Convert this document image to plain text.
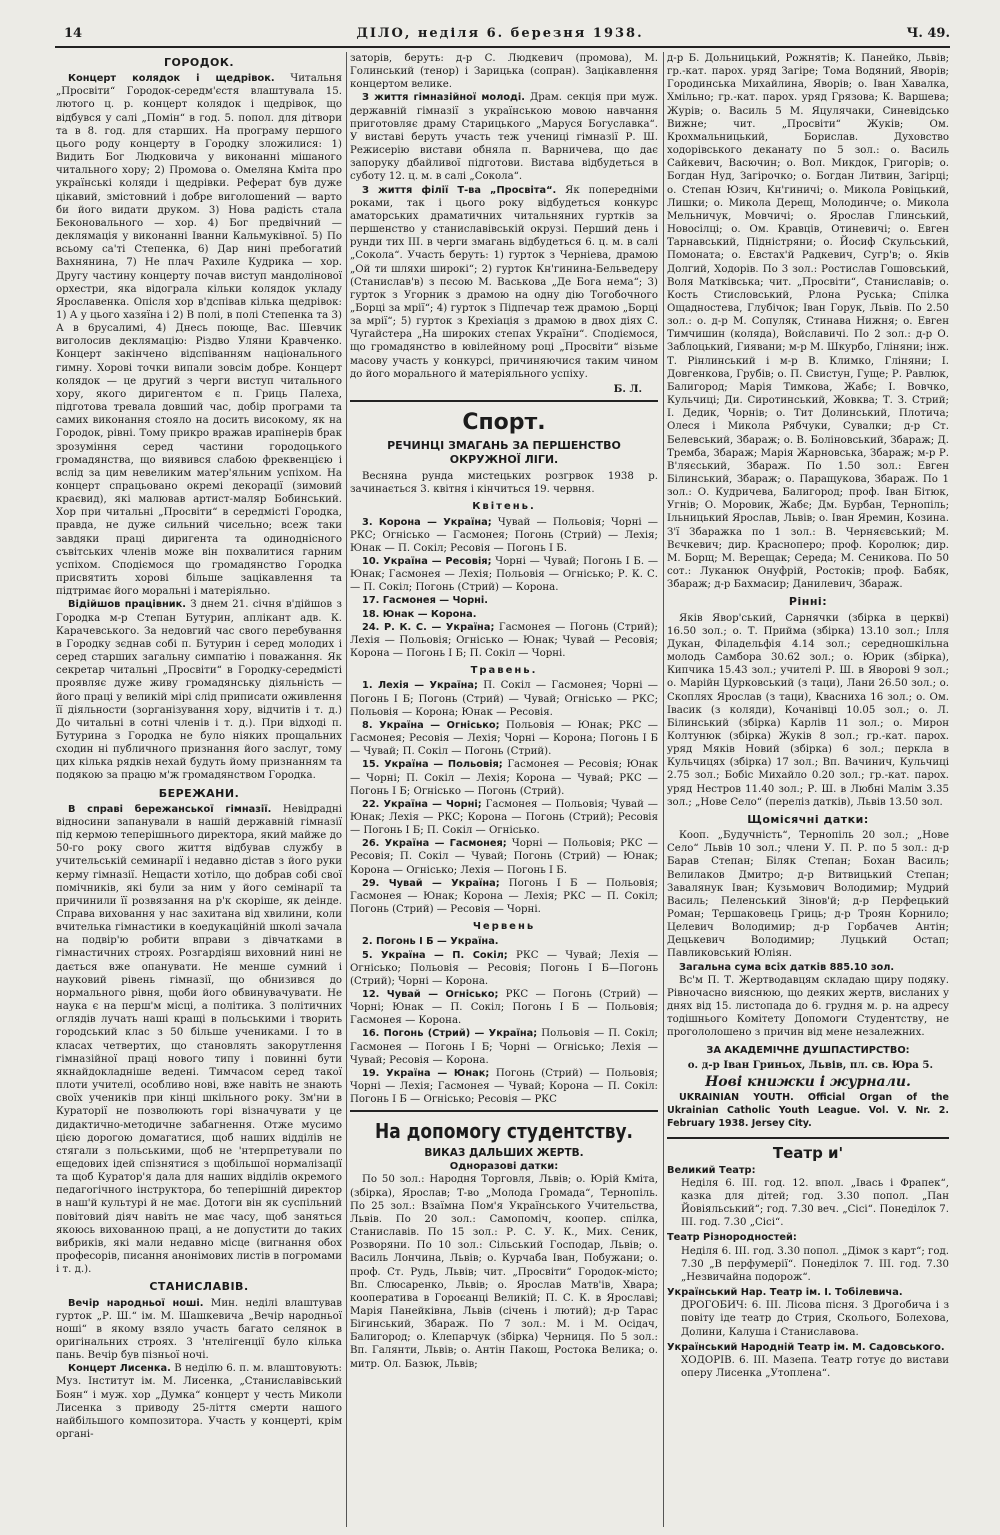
14	ДІЛО, неділя 6. березня 1938.	Ч. 49.
ГОРОДОК.

Концерт колядок і щедрівок. Читальня „Просвіти“ Городок-середм'єстя влаштувала 15. лютого ц. р. концерт колядок і щедрівок, що відбувся у салі „Помін“ в год. 5. попол. для дітвори та в 8. год. для старших. На програму першого цього роду концерту в Городку зложилися: 1) Видить Бог Людковича у виконанні мішаного читального хору; 2) Промова о. Омеляна Кміта про українські коляди і щедрівки. Реферат був дуже цікавий, змістовний і добре виголошений — варто би його видати друком. 3) Нова радість стала Беконовального — хор. 4) Бог предвічний — деклямація у виконанні Іванни Кальмуківної. 5) По всьому са'ті Степенка, 6) Дар нині пребогатий Вахнянина, 7) Не плач Рахиле Кудрика — хор. Другу частину концерту почав виступ мандолінової орхестри, яка відограла кільки колядок укладу Ярославенка. Опісля хор в'дспівав кілька щедрівок: 1) А у цього хазяїна і 2) В полі, в полі Степенка та 3) А в 6русалимі, 4) Днесь поюще, Вас. Шевчик виголосив деклямацію: Різдво Уляни Кравченко. Концерт закінчено відспіванням національного гимну. Хорові точки випали зовсім добре. Концерт колядок — це другий з черги виступ читального хору, якого диригентом є п. Гриць Палеха, підготова тревала довший час, добір програми та самих виконання стояло на досить високому, як на Городок, рівні. Тому прикро вражав ирапінерів брак зрозуміння серед частини городоцького громадянства, що виявився слабою фреквенцією і вслід за цим невеликим матер'яльним успіхом. На концерт спрацьовано окремі декорації (зимовий краєвид), які малював артист-маляр Бобинський. Хор при читальні „Просвіти“ в середмісті Городка, правда, не дуже сильний чисельно; всеж таки завдяки праці диригента та одиноднісного съвітських членів може він похвалитися гарним успіхом. Сподіємося що громадянство Городка присвятить хорові більше зацікавлення та підтримає його моральні і матеріяльно.

Відійшов працівник. З днем 21. січня в'дійшов з Городка м-р Степан Бутурин, аплікант адв. К. Карачевського. За недовгий час свого перебування в Городку зєднав собі п. Бутурин і серед молодих і серед старших загальну симпатію і поважання. Як секретар читальні „Просвіти“ в Городку-середмісті проявляє дуже живу громадянську діяльність — його праці у великій мірі слід приписати оживлення її діяльности (зорганізування хору, відчитів і т. д.) До читальні в сотні членів і т. д.). При відході п. Бутурина з Городка не було ніяких прощальних сходин ні публичного признання його заслуг, тому цих кілька рядків нехай будуть йому признанням та подякою за працю м'ж громадянством Городка.

БЕРЕЖАНИ.

В справі бережанської гімназії. Невідрадні відносини запанували в нашій державній гімназії під кермою теперішнього директора, який майже до 50-го року свого життя відбував службу в учительській семинарії і недавно дістав з його руки керму гімназії. Нещасти хотіло, що добрав собі свої помічників, які були за ним у його семінарії та причинили її розвязання на р'к скоріше, як деінде. Справа виховання у нас захитана від хвилини, коли вчителька гімнастики в коедукаційній школі зачала на подвір'ю робити вправи з дівчатками в гімнастичних строях. Розгардіяш виховний нині не дається вже опанувати. Не менше сумний і науковий рівень гімназії, що обнизився до нормального рівня, щоби його обвинувачувати. Не наука є на перш'м місці, а політика. З політичних оглядів лучать наші кращі в польськими і творить городський клас з 50 більше учениками. І то в класах четвертих, що становлять закорутлення гімназійної праці нового типу і повинні бути якнайдокладніше ведені. Тимчасом серед такої плоти учителі, особливо нові, вже навіть не знають своїх учеників при кінці шкільного року. Зм'ни в Кураторії не позволюють горі візначувати у це дидактично-методичне забагнення. Отже мусимо цією дорогою домагатися, щоб наших відділів не стягали з польськими, щоб не 'нтерпретували по ещедових ідей спізнятися з щобільшої нормалізації та щоб Куратор'я дала для наших відділів окремого педагогічного інструктора, бо теперішній директор в наш'й культурі й не має. Дотоги він як суспільний повітовий діяч навіть не має часу, щоб заняться якоюсь вихованною праці, а не допустити до таких вибриків, які мали недавно місце (вигнання обох професорів, писання анонімових листів в погромами і т. д.).

СТАНИСЛАВІВ.

Вечір народньої ноші. Мин. неділі влаштував гурток „Р. Ш.“ ім. М. Шашкевича „Вечір народньої ноші“ в якому взяло участь багато селянок в оригінальних строях. З 'нтелігенції було кілька пань. Вечір був пізньої ночі.

Концерт Лисенка. В неділю 6. п. м. влаштовують: Муз. Інститут ім. М. Лисенка, „Станиславівський Боян“ і муж. хор „Думка“ концерт у честь Миколи Лисенка з приводу 25-ліття смерти нашого найбільшого композитора. Участь у концерті, крім органі-

заторів, беруть: д-р С. Людкевич (промова), М. Голинський (тенор) і Зарицька (сопран). Зацікавлення концертом велике.

З життя гімназійної молоді. Драм. секція при муж. державній гімназії з українською мовою навчання приготовляє драму Старицького „Маруся Богуславка“. У виставі беруть участь теж учениці гімназії Р. Ш. Режисерію вистави обняла п. Варничева, що дає запоруку дбайливої підготови. Вистава відбудеться в суботу 12. ц. м. в салі „Сокола“.

З життя філії Т-ва „Просвіта“. Як попередніми роками, так і цього року відбудеться конкурс аматорських драматичних читальняних гуртків за першенство у станиславівській окрузі. Перший день і рунди тих ІІІ. в черги змагань відбудеться 6. ц. м. в салі „Сокола“. Участь беруть: 1) гурток з Черніева, драмою „Ой ти шляхи широкі“; 2) гурток Кн'гинина-Бельведеру (Станислав'в) з пєсою М. Васькова „Де Бога нема“; 3) гурток з Угорник з драмою на одну дію Тогобочного „Борці за мрії“; 4) гурток з Підпечар теж драмою „Борці за мрії“; 5) гурток з Крехіація з драмою в двох діях С. Чугайстера „На широких степах України“. Сподіємося, що громадянство в ювілейному році „Просвіти“ візьме масову участь у конкурсі, причиняючися таким чином до його морального й матеріяльного успіху.

Б. Л.
Спорт.
РЕЧИНЦІ ЗМАГАНЬ ЗА ПЕРШЕНСТВО ОКРУЖНОЇ ЛІГИ.

Весняна рунда мистецьких розгрвок 1938 р. зачинається 3. квітня і кінчиться 19. червня.

Квітень.

3. Корона — Україна; Чувай — Польовія; Чорні — РКС; Огнісько — Гасмонея; Погонь (Стрий) — Лехія; Юнак — П. Сокіл; Ресовія — Погонь І Б.

10. Україна — Ресовія; Чорні — Чувай; Погонь І Б. — Юнак; Гасмонея — Лехія; Польовія — Огнісько; Р. К. С. — П. Сокіл; Погонь (Стрий) — Корона.

17. Гасмонея — Чорні.

18. Юнак — Корона.

24. Р. К. С. — Україна; Гасмонея — Погонь (Стрий); Лехія — Польовія; Огнісько — Юнак; Чувай — Ресовія; Корона — Погонь І Б; П. Сокіл — Чорні.

Травень.

1. Лехія — Україна; П. Сокіл — Гасмонея; Чорні — Погонь І Б; Погонь (Стрий) — Чувай; Огнісько — РКС; Польовія — Корона; Юнак — Ресовія.

8. Україна — Огнісько; Польовія — Юнак; РКС — Гасмонея; Ресовія — Лехія; Чорні — Корона; Погонь І Б — Чувай; П. Сокіл — Погонь (Стрий).

15. Україна — Польовія; Гасмонея — Ресовія; Юнак — Чорні; П. Сокіл — Лехія; Корона — Чувай; РКС — Погонь І Б; Огнісько — Погонь (Стрий).

22. Україна — Чорні; Гасмонея — Польовія; Чувай — Юнак; Лехія — РКС; Корона — Погонь (Стрий); Ресовія — Погонь І Б; П. Сокіл — Огнісько.

26. Україна — Гасмонея; Чорні — Польовія; РКС — Ресовія; П. Сокіл — Чувай; Погонь (Стрий) — Юнак; Корона — Огнісько; Лехія — Погонь І Б.

29. Чувай — Україна; Погонь І Б — Польовія; Гасмонея — Юнак; Корона — Лехія; РКС — П. Сокіл; Погонь (Стрий) — Ресовія — Чорні.

Червень

2. Погонь І Б — Україна.

5. Україна — П. Сокіл; РКС — Чувай; Лехія — Огнісько; Польовія — Ресовія; Погонь І Б—Погонь (Стрий); Чорні — Корона.

12. Чувай — Огнісько; РКС — Погонь (Стрий) — Чорні; Юнак — П. Сокіл; Погонь І Б — Польовія; Гасмонея — Корона.

16. Погонь (Стрий) — Україна; Польовія — П. Сокіл; Гасмонея — Погонь І Б; Чорні — Огнісько; Лехія — Чувай; Ресовія — Корона.

19. Україна — Юнак; Погонь (Стрий) — Польовія; Чорні — Лехія; Гасмонея — Чувай; Корона — П. Сокіл: Погонь І Б — Огнісько; Ресовія — РКС

На допомогу студентству.
ВИКАЗ ДАЛЬШИХ ЖЕРТВ.
Одноразові датки:

По 50 зол.: Народня Торговля, Львів; о. Юрій Кміта, (збірка), Ярослав; Т-во „Молода Громада“, Тернопіль. По 25 зол.: Взаїмна Пом'я Українського Учительства, Львів. По 20 зол.: Самопоміч, коопер. спілка, Станиславів. По 15 зол.: Р. С. У. К., Мих. Сеник, Розворяни. По 10 зол.: Сільський Господар, Львів; о. Василь Лончина, Львів; о. Курчаба Іван, Побужани; о. проф. Ст. Рудь, Львів; чит. „Просвіти“ Городок-місто; Вп. Слюсаренко, Львів; о. Ярослав Матв'ів, Хвара; кооператива в Гороєанці Великій; П. С. К. в Ярославі; Марія Панейківна, Львів (січень і лютий); д-р Тарас Бігинський, Збараж. По 7 зол.: М. і М. Осідач, Балигород; о. Клепарчук (збірка) Черниця. По 5 зол.: Вп. Галянти, Львів; о. Антін Пакош, Ростока Велика; о. митр. Ол. Базюк, Львів;

д-р Б. Дольницький, Рожнятів; К. Панейко, Львів; гр.-кат. парох. уряд Загіре; Тома Водяний, Яворів; Городинська Михайлина, Яворів; о. Іван Хавалка, Хмільно; гр.-кат. парох. уряд Грязова; К. Варшева; Журів; о. Василь 5 М. Яцулячаки, Синевідсько Вижне; чит. „Просвіти“ Жуків; Ом. Крохмальницький, Борислав. Духовство ходорівського деканату по 5 зол.: о. Василь Сайкевич, Васючин; о. Вол. Микдок, Григорів; о. Богдан Нуд, Загірочко; о. Богдан Литвин, Загірці; о. Степан Юзич, Кн'гиничі; о. Микола Ровіцький, Лишки; о. Микола Дерещ, Молодинче; о. Микола Мельничук, Мовчичі; о. Ярослав Глинський, Новосілці; о. Ом. Кравців, Отиневичі; о. Евген Тарнавський, Підністряни; о. Йосиф Скульський, Помоната; о. Евстах'й Радкевич, Сугр'в; о. Яків Долгий, Ходорів. По 3 зол.: Ростислав Гошовський, Воля Матківська; чит. „Просвіти“, Станиславів; о. Кость Стисловський, Рлона Руська; Спілка Ощадностева, Глубічок; Іван Горук, Львів. По 2.50 зол.: о. д-р М. Сопуляк, Стинава Нижня; о. Евген Тимчишин (коляда), Войславичі. По 2 зол.: д-р О. Заблоцький, Гиявани; м-р М. Шкурбо, Гліняни; інж. Т. Рінлинський і м-р В. Климко, Гліняни; І. Довгенкова, Грубів; о. П. Свистун, Гуще; Р. Равлюк, Балигород; Марія Тимкова, Жабє; І. Вовчко, Кульчиці; Ди. Сиротинський, Жовква; Т. З. Стрий; І. Дедик, Чорнів; о. Тит Долинський, Плотича; Олеся і Микола Рябчуки, Сувалки; д-р Ст. Белевський, Збараж; о. В. Боліновський, Збараж; Д. Тремба, Збараж; Марія Жарновська, Збараж; м-р Р. В'ляєський, Збараж. По 1.50 зол.: Евген Білинський, Збараж; о. Паращукова, Збараж. По 1 зол.: О. Кудричева, Балигород; проф. Іван Бітюк, Угнів; О. Моровик, Жабє; Дм. Бурбан, Тернопіль; Ільницький Ярослав, Львів; о. Іван Яремин, Козина. З'ї Збаражка по 1 зол.: В. Черняєвський; М. Вєчкевич; дир. Красноперо; проф. Королюк; дир. М. Борщ; М. Верещак; Середа; М. Сеникова. По 50 сот.: Луканюк Онуфрій, Ростоків; проф. Бабяк, Збараж; д-р Бахмасир; Данилевич, Збараж.

Рінні:

Яків Явор'ський, Сарнячки (збірка в церкві) 16.50 зол.; о. Т. Прийма (збірка) 13.10 зол.; Ілля Дукан, Філадельфія 4.14 зол.; середношкільна молодь Самбора 30.62 зол.; о. Юрик (збірка), Кипчика 15.43 зол.; учителі Р. Ш. в Яворові 9 зол.; о. Марійн Цурковський (з таци), Лани 26.50 зол.; о. Скоплях Ярослав (з таци), Квасниха 16 зол.; о. Ом. Івасик (з коляди), Кочанівці 10.05 зол.; о. Л. Білинський (збірка) Карлів 11 зол.; о. Мирон Колтунюк (збірка) Жуків 8 зол.; гр.-кат. парох. уряд Мяків Новий (збірка) 6 зол.; перкла в Кульчицях (збірка) 17 зол.; Вп. Вачинич, Кульчиці 2.75 зол.; Бобіс Михайло 0.20 зол.; гр.-кат. парох. уряд Нестров 11.40 зол.; Р. Ш. в Любні Малім 3.35 зол.; „Нове Село“ (переліз датків), Львів 13.50 зол.

Щомісячні датки:

Кооп. „Будучність“, Тернопіль 20 зол.; „Нове Село“ Львів 10 зол.; члени У. П. Р. по 5 зол.: д-р Барав Степан; Біляк Степан; Бохан Василь; Велилаков Дмитро; д-р Витвицький Степан; Завалянук Іван; Кузьмович Володимир; Мудрий Василь; Пеленський Зінов'й; д-р Перфецький Роман; Тершаковець Гриць; д-р Троян Корнило; Целевич Володимир; д-р Горбачев Антін; Децькевич Володимир; Луцький Остап; Павликовський Юліян.

Загальна сума всіх датків 885.10 зол.

Вс'м П. Т. Жертводавцям складаю щиру подяку. Рівночасно вияснюю, що деяких жертв, висланих у днях від 15. листопада до 6. грудня м. р. на адресу тодішнього Комітету Допомоги Студентству, не прогололошено з причин від мене незалежних.

ЗА АКАДЕМІЧНЕ ДУШПАСТИРСТВО:
о. д-р Іван Гриньох, Львів, пл. св. Юра 5.
Нові книжки і журнали.

UKRAINIAN YOUTH. Official Organ of the Ukrainian Catholic Youth League. Vol. V. Nr. 2. February 1938. Jersey City.

Театр и'
Великий Театр:
Неділя 6. ІІІ. год. 12. впол. „Івась і Фрапек“, казка для дітей; год. 3.30 попол. „Пан Йовіяльський“; год. 7.30 веч. „Сісі“. Понеділок 7. ІІІ. год. 7.30 „Сісі“.
Театр Різнородностей:
Неділя 6. ІІІ. год. 3.30 попол. „Дімок з карт“; год. 7.30 „В перфумерії“. Понеділок 7. ІІІ. год. 7.30 „Незвичайна подорож“.
Український Нар. Театр ім. І. Тобілевича.
ДРОГОБИЧ: 6. ІІІ. Лісова пісня. З Дрогобича і з повіту іде театр до Стрия, Сколього, Болехова, Долини, Калуша і Станиславова.
Український Народній Театр ім. М. Садовського.
ХОДОРІВ. 6. ІІІ. Мазепа. Театр готує до вистави оперу Лисенка „Утоплена“.
